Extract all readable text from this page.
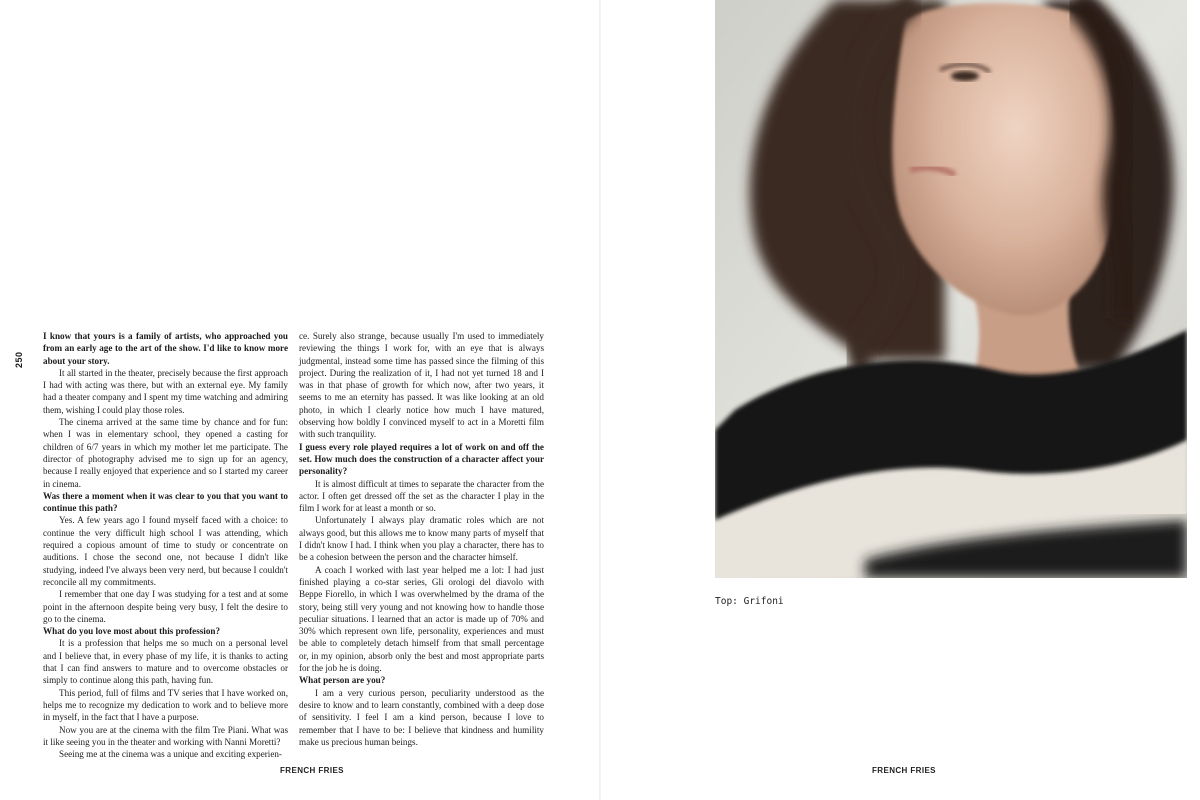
250

I know that yours is a family of artists, who approached you from an early age to the art of the show. I'd like to know more about your story.

It all started in the theater, precisely because the first approach I had with acting was there, but with an external eye. My family had a theater company and I spent my time watching and admiring them, wishing I could play those roles.

The cinema arrived at the same time by chance and for fun: when I was in elementary school, they opened a casting for children of 6/7 years in which my mother let me participate. The director of photography advised me to sign up for an agency, because I really enjoyed that experience and so I started my career in cinema.

Was there a moment when it was clear to you that you want to continue this path?

Yes. A few years ago I found myself faced with a choice: to continue the very difficult high school I was attending, which required a copious amount of time to study or concentrate on auditions. I chose the second one, not because I didn't like studying, indeed I've always been very nerd, but because I couldn't reconcile all my commitments.

I remember that one day I was studying for a test and at some point in the afternoon despite being very busy, I felt the desire to go to the cinema.

What do you love most about this profession?

It is a profession that helps me so much on a personal level and I believe that, in every phase of my life, it is thanks to acting that I can find answers to mature and to overcome obstacles or simply to continue along this path, having fun.

This period, full of films and TV series that I have worked on, helps me to recognize my dedication to work and to believe more in myself, in the fact that I have a purpose.

Now you are at the cinema with the film Tre Piani. What was it like seeing you in the theater and working with Nanni Moretti?

Seeing me at the cinema was a unique and exciting experien-

ce. Surely also strange, because usually I'm used to immediately reviewing the things I work for, with an eye that is always judgmental, instead some time has passed since the filming of this project. During the realization of it, I had not yet turned 18 and I was in that phase of growth for which now, after two years, it seems to me an eternity has passed. It was like looking at an old photo, in which I clearly notice how much I have matured, observing how boldly I convinced myself to act in a Moretti film with such tranquility.

I guess every role played requires a lot of work on and off the set. How much does the construction of a character affect your personality?

It is almost difficult at times to separate the character from the actor. I often get dressed off the set as the character I play in the film I work for at least a month or so.

Unfortunately I always play dramatic roles which are not always good, but this allows me to know many parts of myself that I didn't know I had. I think when you play a character, there has to be a cohesion between the person and the character himself.

A coach I worked with last year helped me a lot: I had just finished playing a co-star series, Gli orologi del diavolo with Beppe Fiorello, in which I was overwhelmed by the drama of the story, being still very young and not knowing how to handle those peculiar situations. I learned that an actor is made up of 70% and 30% which represent own life, personality, experiences and must be able to completely detach himself from that small percentage or, in my opinion, absorb only the best and most appropriate parts for the job he is doing.

What person are you?

I am a very curious person, peculiarity understood as the desire to know and to learn constantly, combined with a deep dose of sensitivity. I feel I am a kind person, because I love to remember that I have to be: I believe that kindness and humility make us precious human beings.

FRENCH FRIES
Top: Grifoni
FRENCH FRIES
